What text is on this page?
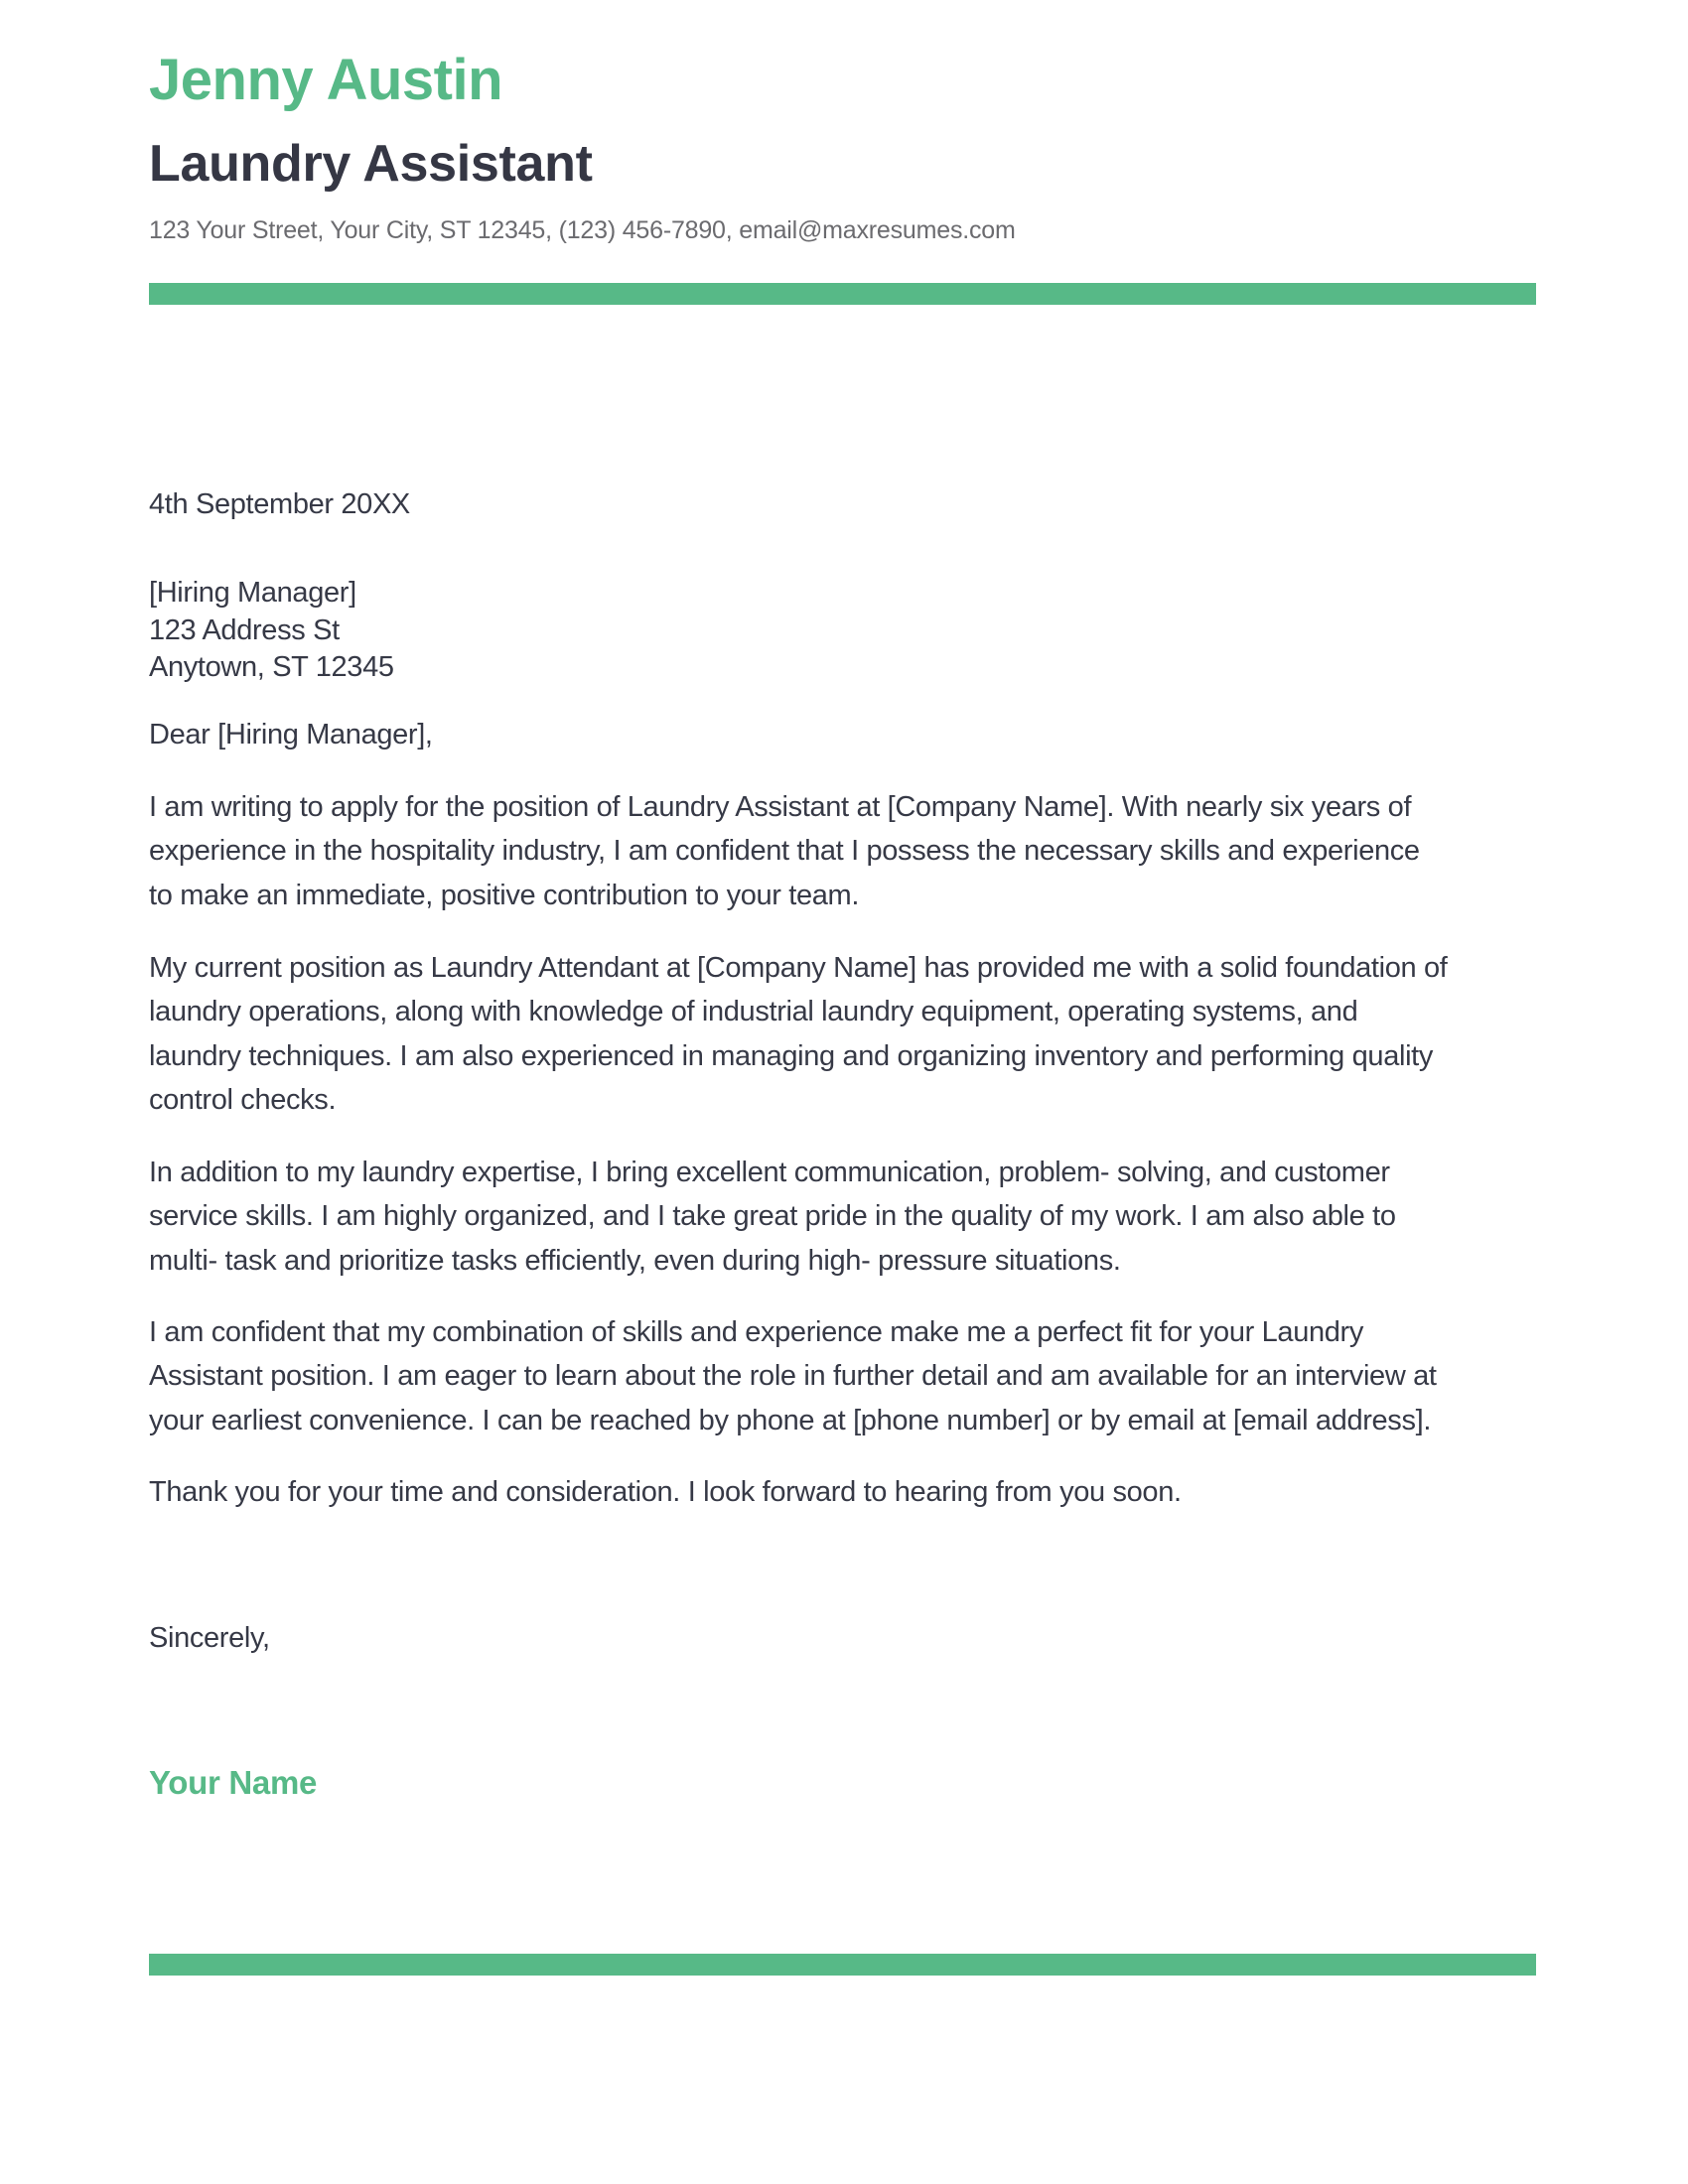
Jenny Austin
Laundry Assistant
123 Your Street, Your City, ST 12345, (123) 456-7890, email@maxresumes.com
4th September 20XX
[Hiring Manager]
123 Address St
Anytown, ST 12345
Dear [Hiring Manager],
I am writing to apply for the position of Laundry Assistant at [Company Name]. With nearly six years of
experience in the hospitality industry, I am confident that I possess the necessary skills and experience
to make an immediate, positive contribution to your team.
My current position as Laundry Attendant at [Company Name] has provided me with a solid foundation of
laundry operations, along with knowledge of industrial laundry equipment, operating systems, and
laundry techniques. I am also experienced in managing and organizing inventory and performing quality
control checks.
In addition to my laundry expertise, I bring excellent communication, problem- solving, and customer
service skills. I am highly organized, and I take great pride in the quality of my work. I am also able to
multi- task and prioritize tasks efficiently, even during high- pressure situations.
I am confident that my combination of skills and experience make me a perfect fit for your Laundry
Assistant position. I am eager to learn about the role in further detail and am available for an interview at
your earliest convenience. I can be reached by phone at [phone number] or by email at [email address].
Thank you for your time and consideration. I look forward to hearing from you soon.
Sincerely,
Your Name
